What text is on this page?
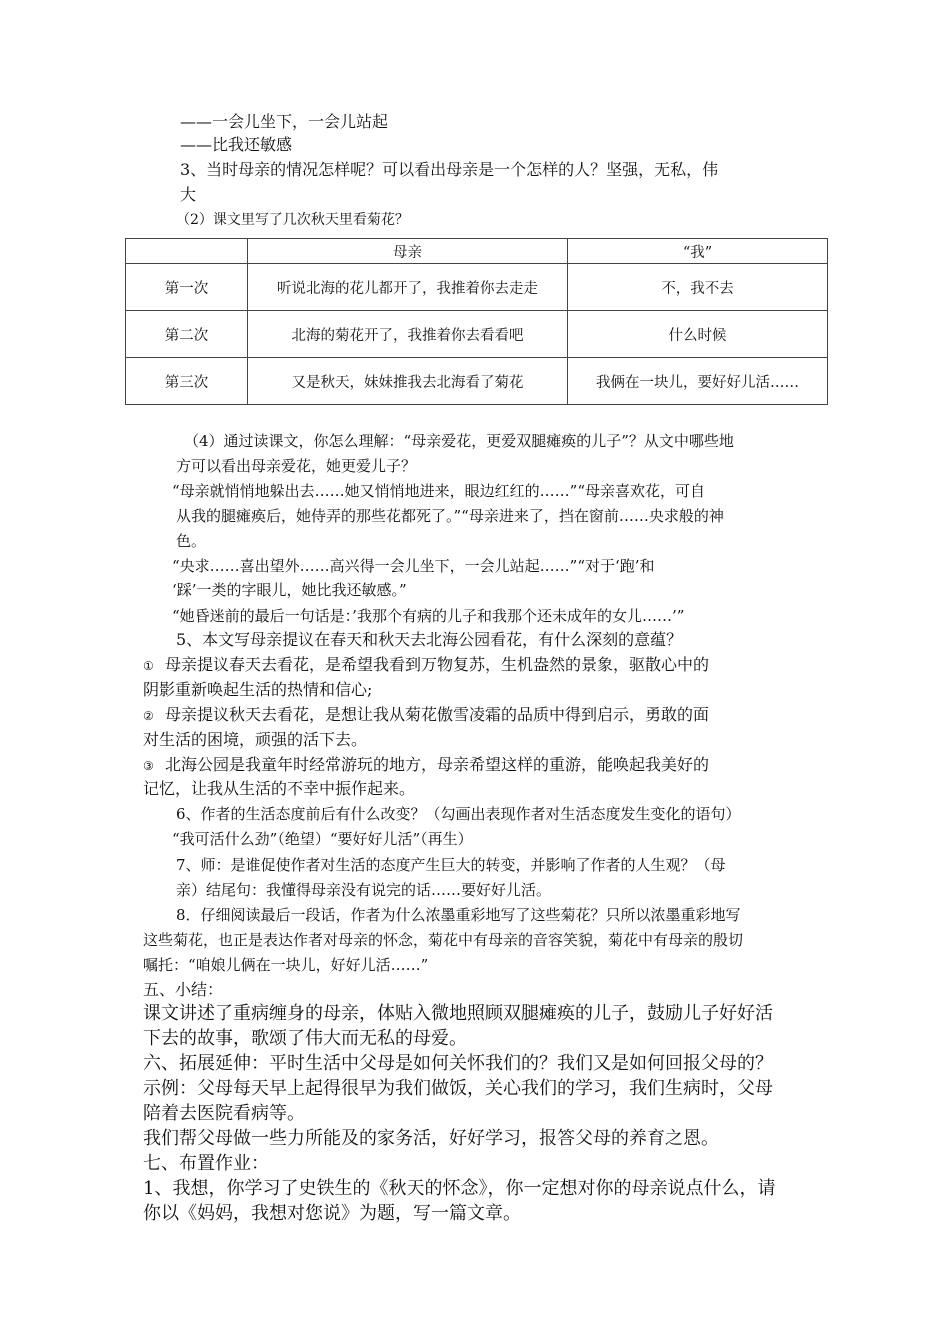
——一会儿坐下，一会儿站起
——比我还敏感
3、当时母亲的情况怎样呢？可以看出母亲是一个怎样的人？坚强，无私，伟
大
（2）课文里写了几次秋天里看菊花？
	母亲	“我”
第一次	听说北海的花儿都开了，我推着你去走走	不，我不去
第二次	北海的菊花开了，我推着你去看看吧	什么时候
第三次	又是秋天，妹妹推我去北海看了菊花	我俩在一块儿，要好好儿活……
（4）通过读课文，你怎么理解：“母亲爱花，更爱双腿瘫痪的儿子”？从文中哪些地
方可以看出母亲爱花，她更爱儿子？
“母亲就悄悄地躲出去……她又悄悄地进来，眼边红红的……”“母亲喜欢花，可自
从我的腿瘫痪后，她侍弄的那些花都死了。”“母亲进来了，挡在窗前……央求般的神
色。
“央求……喜出望外……高兴得一会儿坐下，一会儿站起……”“对于‘跑’和
‘踩’一类的字眼儿，她比我还敏感。”
“她昏迷前的最后一句话是：’我那个有病的儿子和我那个还未成年的女儿……’”
5、本文写母亲提议在春天和秋天去北海公园看花，有什么深刻的意蕴？
① 母亲提议春天去看花，是希望我看到万物复苏，生机盎然的景象，驱散心中的
阴影重新唤起生活的热情和信心;
② 母亲提议秋天去看花，是想让我从菊花傲雪凌霜的品质中得到启示，勇敢的面
对生活的困境，顽强的活下去。
③ 北海公园是我童年时经常游玩的地方，母亲希望这样的重游，能唤起我美好的
记忆，让我从生活的不幸中振作起来。
6、作者的生活态度前后有什么改变？（勾画出表现作者对生活态度发生变化的语句）
“我可活什么劲”（绝望）“要好好儿活”（再生）
7、师：是谁促使作者对生活的态度产生巨大的转变，并影响了作者的人生观？（母
亲）结尾句：我懂得母亲没有说完的话……要好好儿活。
8．仔细阅读最后一段话，作者为什么浓墨重彩地写了这些菊花？只所以浓墨重彩地写
这些菊花，也正是表达作者对母亲的怀念，菊花中有母亲的音容笑貌，菊花中有母亲的殷切
嘱托：“咱娘儿俩在一块儿，好好儿活……”
五、小结：
课文讲述了重病缠身的母亲，体贴入微地照顾双腿瘫痪的儿子，鼓励儿子好好活
下去的故事，歌颂了伟大而无私的母爱。
六、拓展延伸：平时生活中父母是如何关怀我们的？我们又是如何回报父母的？
示例：父母每天早上起得很早为我们做饭，关心我们的学习，我们生病时，父母
陪着去医院看病等。
我们帮父母做一些力所能及的家务活，好好学习，报答父母的养育之恩。
七、布置作业：
1、我想，你学习了史铁生的《秋天的怀念》，你一定想对你的母亲说点什么，请
你以《妈妈，我想对您说》为题，写一篇文章。
